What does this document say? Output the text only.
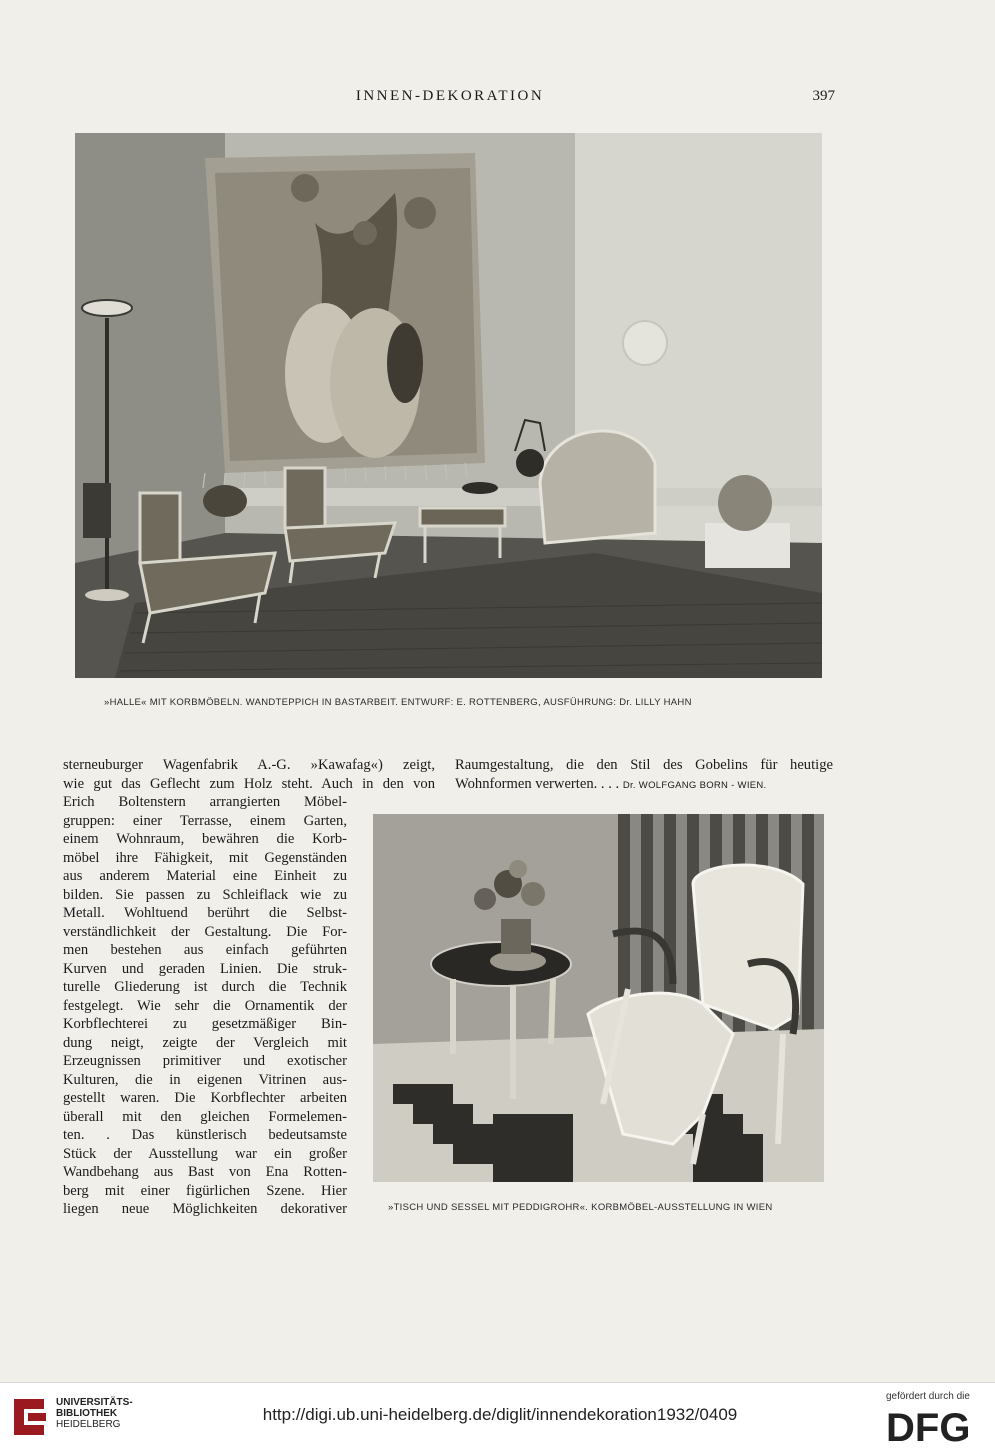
INNEN-DEKORATION	397
»HALLE« MIT KORBMÖBELN. WANDTEPPICH IN BASTARBEIT. ENTWURF: E. ROTTENBERG, AUSFÜHRUNG: Dr. LILLY HAHN
sterneuburger Wagenfabrik A.-G. »Kawafag«) zeigt,
wie gut das Geflecht zum Holz steht. Auch in den von
Erich Boltenstern arrangierten Möbel-
gruppen: einer Terrasse, einem Garten,
einem Wohnraum, bewähren die Korb-
möbel ihre Fähigkeit, mit Gegenständen
aus anderem Material eine Einheit zu
bilden. Sie passen zu Schleiflack wie zu
Metall. Wohltuend berührt die Selbst-
verständlichkeit der Gestaltung. Die For-
men bestehen aus einfach geführten
Kurven und geraden Linien. Die struk-
turelle Gliederung ist durch die Technik
festgelegt. Wie sehr die Ornamentik der
Korbflechterei zu gesetzmäßiger Bin-
dung neigt, zeigte der Vergleich mit
Erzeugnissen primitiver und exotischer
Kulturen, die in eigenen Vitrinen aus-
gestellt waren. Die Korbflechter arbeiten
überall mit den gleichen Formelemen-
ten. . Das künstlerisch bedeutsamste
Stück der Ausstellung war ein großer
Wandbehang aus Bast von Ena Rotten-
berg mit einer figürlichen Szene. Hier
liegen neue Möglichkeiten dekorativer
Raumgestaltung, die den Stil des Gobelins für heutige
Wohnformen verwerten. . . . Dr. WOLFGANG BORN - WIEN.
»TISCH UND SESSEL MIT PEDDIGROHR«. KORBMÖBEL-AUSSTELLUNG IN WIEN
UNIVERSITÄTS-
BIBLIOTHEK
HEIDELBERG
http://digi.ub.uni-heidelberg.de/diglit/innendekoration1932/0409
gefördert durch die
DFG
